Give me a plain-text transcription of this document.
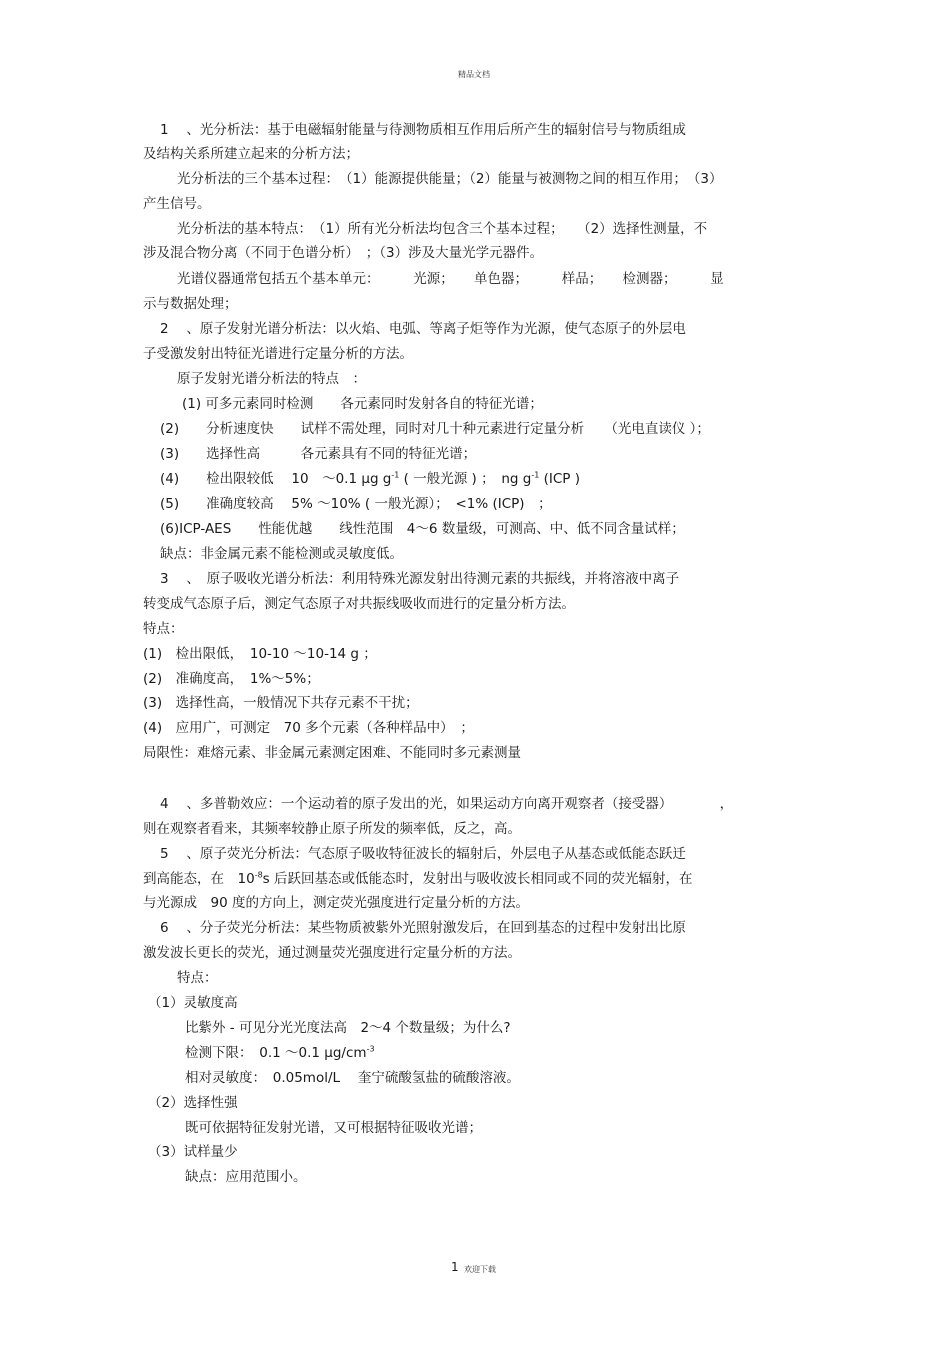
精品文档
1 　、光分析法：基于电磁辐射能量与待测物质相互作用后所产生的辐射信号与物质组成
及结构关系所建立起来的分析方法；
光分析法的三个基本过程：　（1）能源提供能量；（2）能量与被测物之间的相互作用；　（3）
产生信号。
光分析法的基本特点：　（1）所有光分析法均包含三个基本过程；　　（2）选择性测量，不
涉及混合物分离（不同于色谱分析）　；（3）涉及大量光学元器件。
光谱仪器通常包括五个基本单元：　　　光源；　　单色器；　　　样品；　　检测器；　　　显
示与数据处理；
2 　、原子发射光谱分析法：以火焰、电弧、等离子炬等作为光源，使气态原子的外层电
子受激发射出特征光谱进行定量分析的方法。
原子发射光谱分析法的特点　：
(1) 可多元素同时检测　　各元素同时发射各自的特征光谱；
(2)　　分析速度快　　试样不需处理，同时对几十种元素进行定量分析　　（光电直读仪 ）；
(3)　　选择性高　　　各元素具有不同的特征光谱；
(4)　　检出限较低　 10　～0.1 μg $g^{-1}$ ( 一般光源 ) ；　ng $g^{-1}$ (ICP )
(5)　　准确度较高　 5% ～10% ( 一般光源）；　<1% (ICP)　；
(6)ICP-AES　　性能优越　　线性范围　4～6 数量级，可测高、中、低不同含量试样；
缺点：非金属元素不能检测或灵敏度低。
3 　、　原子吸收光谱分析法：利用特殊光源发射出待测元素的共振线，并将溶液中离子
转变成气态原子后，测定气态原子对共振线吸收而进行的定量分析方法。
特点：
(1)　检出限低，　10-10 ～10-14 g ；
(2)　准确度高，　1%～5%；
(3)　选择性高，一般情况下共存元素不干扰；
(4)　应用广，可测定　70 多个元素（各种样品中）　；
局限性：难熔元素、非金属元素测定困难、不能同时多元素测量
4 　、多普勒效应：一个运动着的原子发出的光，如果运动方向离开观察者（接受器）　　　　，
则在观察者看来，其频率较静止原子所发的频率低，反之，高。
5 　、原子荧光分析法：气态原子吸收特征波长的辐射后，外层电子从基态或低能态跃迁
到高能态，在　$10^{-8}s$ 后跃回基态或低能态时，发射出与吸收波长相同或不同的荧光辐射，在
与光源成　90 度的方向上，测定荧光强度进行定量分析的方法。
6 　、分子荧光分析法：某些物质被紫外光照射激发后，在回到基态的过程中发射出比原
激发波长更长的荧光，通过测量荧光强度进行定量分析的方法。
特点：
（1）灵敏度高
比紫外 - 可见分光光度法高　2～4 个数量级；为什么?
检测下限：　0.1 ～0.1 $\mu g/cm^{-3}$
相对灵敏度：　0.05mol/L　 奎宁硫酸氢盐的硫酸溶液。
（2）选择性强
既可依据特征发射光谱，又可根据特征吸收光谱；
（3）试样量少
缺点：应用范围小。
1 欢迎下载
